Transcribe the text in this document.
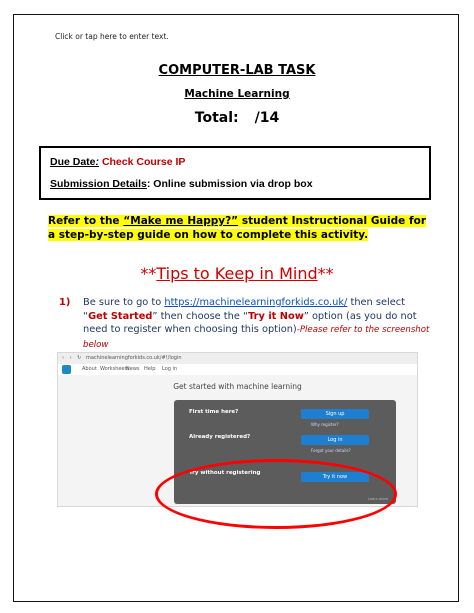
Click or tap here to enter text.
COMPUTER-LAB TASK
Machine Learning
Total: /14
Due Date: Check Course IP
Submission Details: Online submission via drop box
Refer to the “Make me Happy?” student Instructional Guide for a step-by-step guide on how to complete this activity.
**Tips to Keep in Mind**
1)	Be sure to go to https://machinelearningforkids.co.uk/ then select “Get Started” then choose the “Try it Now” option (as you do not need to register when choosing this option)-Please refer to the screenshot below
‹ › ↻ machinelearningforkids.co.uk/#!/login
About Worksheets
News Help Log in
Get started with machine learning
First time here?	Sign up
Why register?
Already registered?	Log in
Forgot your details?
Try without registering
Try it now
Learn more
